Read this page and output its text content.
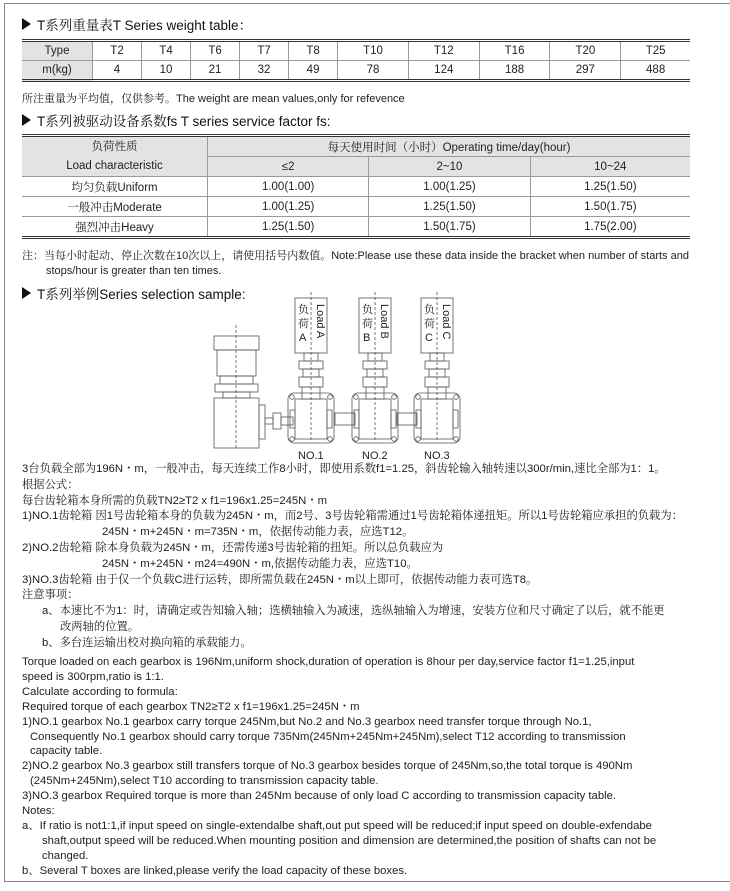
T系列重量表T Series weight table：
Type	T2	T4	T6	T7	T8	T10	T12	T16	T20	T25
m(kg)	4	10	21	32	49	78	124	188	297	488
所注重量为平均值，仅供参考。The weight are mean values,only for refevence
T系列被驱动设备系数fs T series service factor fs:
负荷性质
Load characteristic	每天使用时间（小时）Operating time/day(hour)		
	≤2	2~10	10~24
均匀负载Uniform	1.00(1.00)	1.00(1.25)	1.25(1.50)
一般冲击Moderate	1.00(1.25)	1.25(1.50)	1.50(1.75)
强烈冲击Heavy	1.25(1.50)	1.50(1.75)	1.75(2.00)
注：当每小时起动、停止次数在10次以上，请使用括号内数值。Note:Please use these data inside the bracket when number of starts and
stops/hour is greater than ten times.
T系列举例Series selection sample:
负
荷
A Load A
NO.1
负
荷
B Load B
NO.2
负
荷
C Load C
NO.3
3台负载全部为196N・m，一般冲击，每天连续工作8小时，即使用系数f1=1.25，斜齿轮输入轴转速以300r/min,速比全部为1：1。
根据公式：
每台齿轮箱本身所需的负载TN2≥T2 x f1=196x1.25=245N・m
1)NO.1齿轮箱 因1号齿轮箱本身的负载为245N・m，而2号、3号齿轮箱需通过1号齿轮箱体递扭矩。所以1号齿轮箱应承担的负载为：
245N・m+245N・m=735N・m，依据传动能力表，应选T12。
2)NO.2齿轮箱 除本身负载为245N・m，还需传递3号齿轮箱的扭矩。所以总负载应为
245N・m+245N・m24=490N・m,依据传动能力表，应选T10。
3)NO.3齿轮箱 由于仅一个负载C进行运转，即所需负载在245N・m以上即可，依据传动能力表可选T8。
注意事项：
a、本速比不为1：时，请确定或告知输入轴；选横轴输入为减速，选纵轴输入为增速，安装方位和尺寸确定了以后，就不能更
改两轴的位置。
b、多台连运输出校对换向箱的承载能力。
Torque loaded on each gearbox is 196Nm,uniform shock,duration of operation is 8hour per day,service factor f1=1.25,input
speed is 300rpm,ratio is 1:1.
Calculate according to formula:
Required torque of each gearbox TN2≥T2 x f1=196x1.25=245N・m
1)NO.1 gearbox No.1 gearbox carry torque 245Nm,but No.2 and No.3 gearbox need transfer torque through No.1,
Consequently No.1 gearbox should carry torque 735Nm(245Nm+245Nm+245Nm),select T12 according to transmission
capacity table.
2)NO.2 gearbox No.3 gearbox still transfers torque of No.3 gearbox besides torque of 245Nm,so,the total torque is 490Nm
(245Nm+245Nm),select T10 according to transmission capacity table.
3)NO.3 gearbox Required torque is more than 245Nm because of only load C according to transmission capacity table.
Notes:
a、If ratio is not1:1,if input speed on single-extendalbe shaft,out put speed will be reduced;if input speed on double-exfendabe
shaft,output speed will be reduced.When mounting position and dimension are determined,the position of shafts can not be
changed.
b、Several T boxes are linked,please verify the load capacity of these boxes.
